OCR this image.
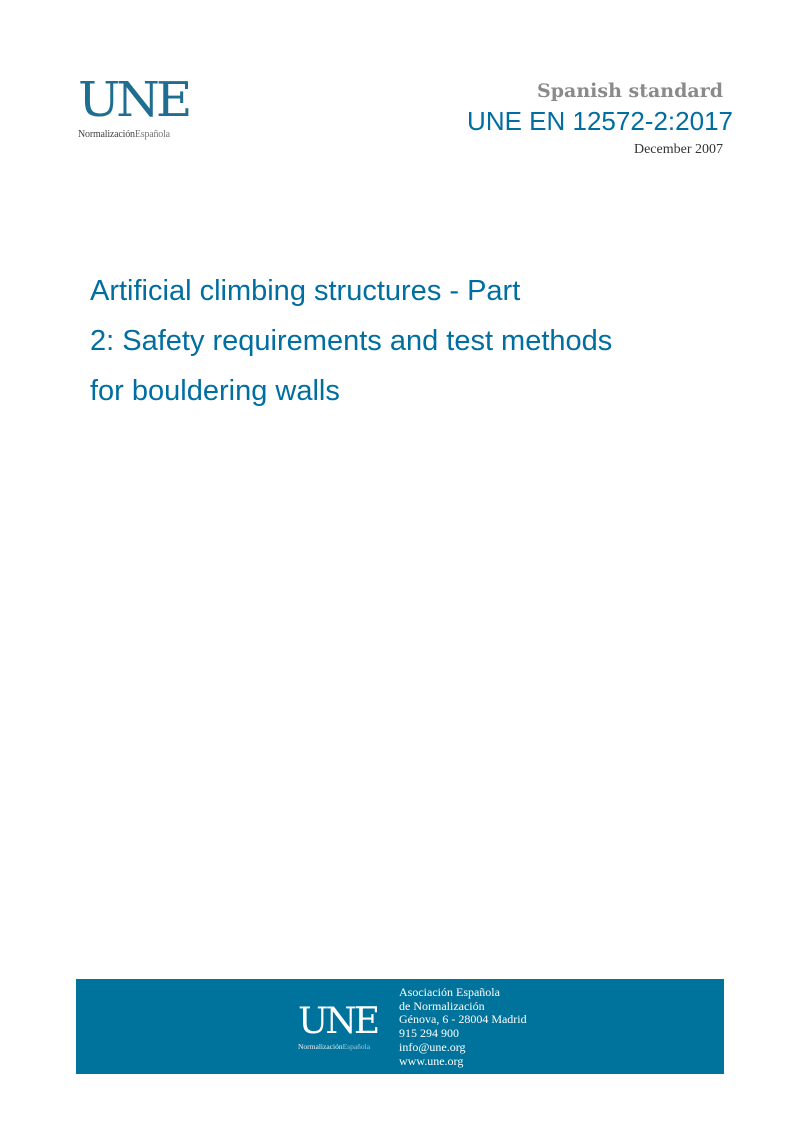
UNE
NormalizaciónEspañola
Spanish standard
UNE EN 12572-2:2017
December 2007
Artificial climbing structures - Part
2: Safety requirements and test methods
for bouldering walls
UNE
NormalizaciónEspañola
Asociación Española
de Normalización
Génova, 6 - 28004 Madrid
915 294 900
info@une.org
www.une.org
